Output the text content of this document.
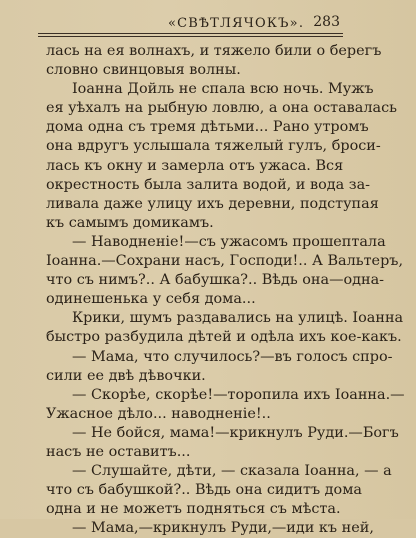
«СВѢТЛЯЧОКЪ». 283
лась на ея волнахъ, и тяжело били о берегъ
словно свинцовыя волны.
Іоанна Дойль не спала всю ночь. Мужъ
ея уѣхалъ на рыбную ловлю, а она оставалась
дома одна съ тремя дѣтьми... Рано утромъ
она вдругъ услышала тяжелый гулъ, броси-
лась къ окну и замерла отъ ужаса. Вся
окрестность была залита водой, и вода за-
ливала даже улицу ихъ деревни, подступая
къ самымъ домикамъ.
— Наводненіе!—съ ужасомъ прошептала
Іоанна.—Сохрани насъ, Господи!.. А Вальтеръ,
что съ нимъ?.. А бабушка?.. Вѣдь она—одна-
одинешенька у себя дома...
Крики, шумъ раздавались на улицѣ. Іоанна
быстро разбудила дѣтей и одѣла ихъ кое-какъ.
— Мама, что случилось?—въ голосъ спро-
сили ее двѣ дѣвочки.
— Скорѣе, скорѣе!—торопила ихъ Іоанна.—
Ужасное дѣло... наводненіе!..
— Не бойся, мама!—крикнулъ Руди.—Богъ
насъ не оставитъ...
— Слушайте, дѣти, — сказала Іоанна, — а
что съ бабушкой?.. Вѣдь она сидитъ дома
одна и не можетъ подняться съ мѣста.
— Мама,—крикнулъ Руди,—иди къ ней,
